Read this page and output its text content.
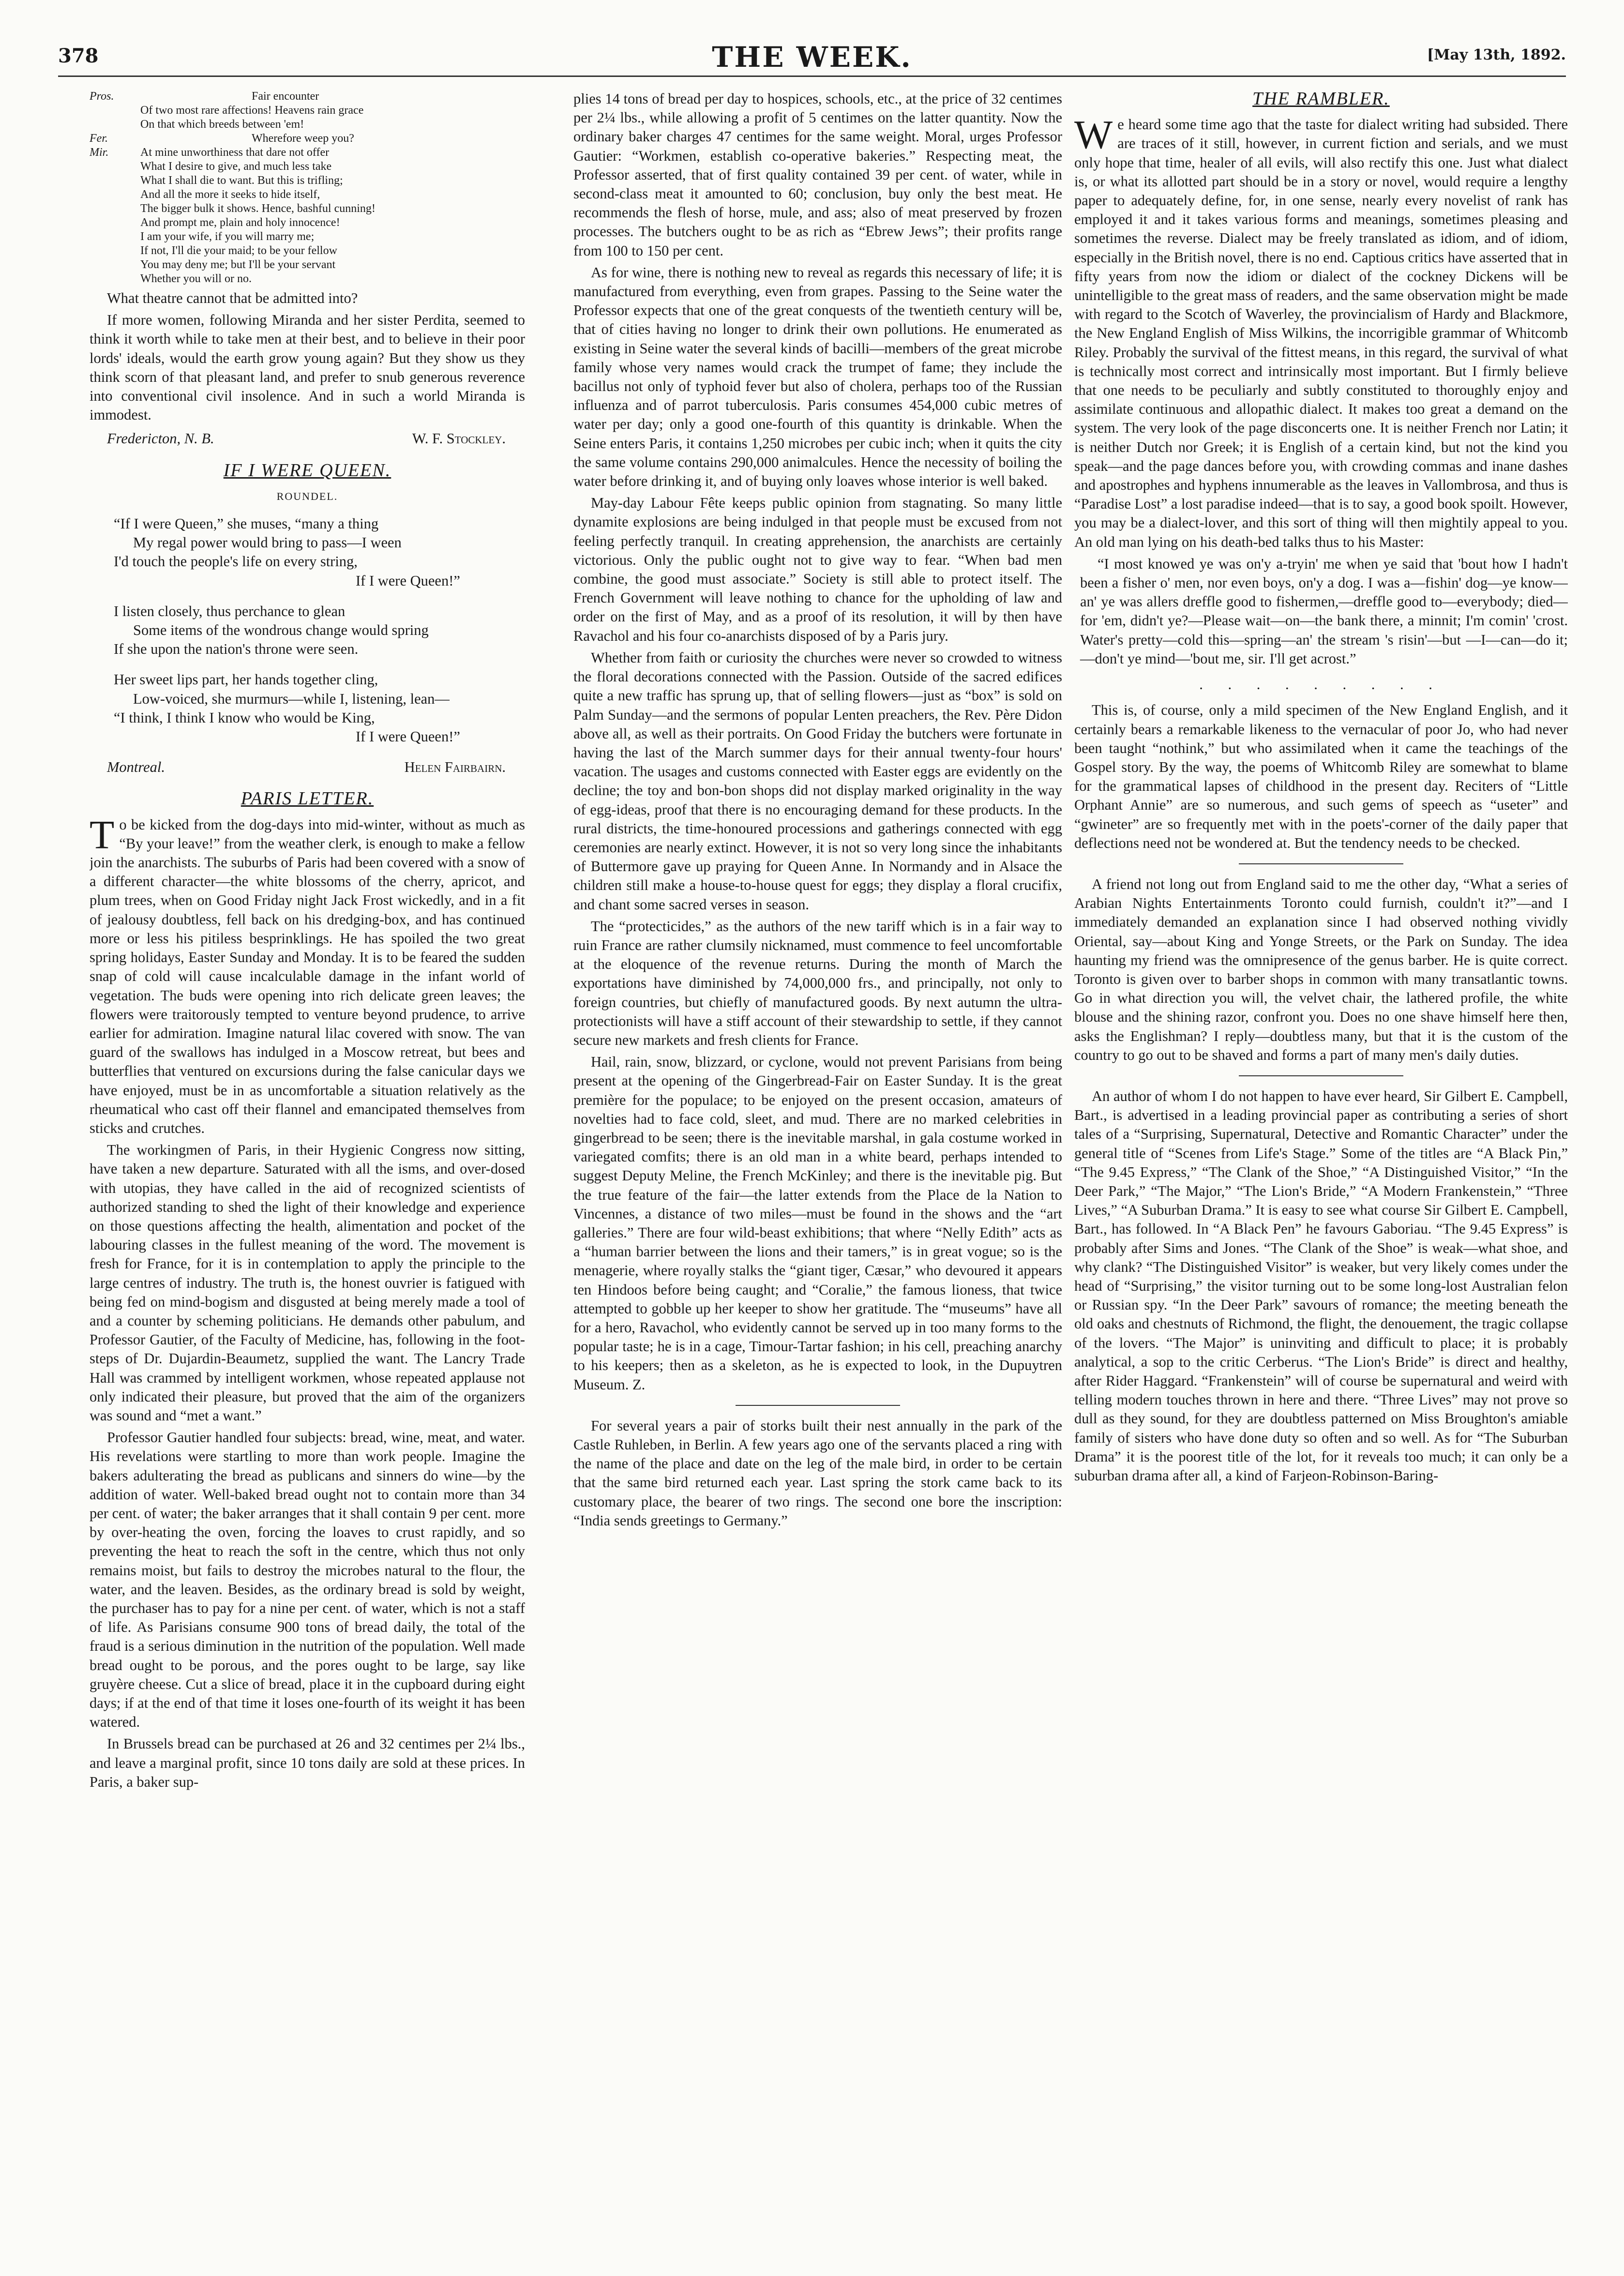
378	THE WEEK.	[May 13th, 1892.
Pros.	Fair encounter
Of two most rare affections! Heavens rain grace
On that which breeds between 'em!
Fer.	Wherefore weep you?
Mir.	At mine unworthiness that dare not offer
What I desire to give, and much less take
What I shall die to want. But this is trifling;
And all the more it seeks to hide itself,
The bigger bulk it shows. Hence, bashful cunning!
And prompt me, plain and holy innocence!
I am your wife, if you will marry me;
If not, I'll die your maid; to be your fellow
You may deny me; but I'll be your servant
Whether you will or no.

What theatre cannot that be admitted into?

If more women, following Miranda and her sister Perdita, seemed to think it worth while to take men at their best, and to believe in their poor lords' ideals, would the earth grow young again? But they show us they think scorn of that pleasant land, and prefer to snub generous reverence into conventional civil insolence. And in such a world Miranda is immodest.

Fredericton, N. B.	W. F. Stockley.
IF I WERE QUEEN.
ROUNDEL.
“If I were Queen,” she muses, “many a thing
My regal power would bring to pass—I ween
I'd touch the people's life on every string,
If I were Queen!”
I listen closely, thus perchance to glean
Some items of the wondrous change would spring
If she upon the nation's throne were seen.
Her sweet lips part, her hands together cling,
Low-voiced, she murmurs—while I, listening, lean—
“I think, I think I know who would be King,
If I were Queen!”
Montreal.	Helen Fairbairn.
PARIS LETTER.

To be kicked from the dog-days into mid-winter, without as much as “By your leave!” from the weather clerk, is enough to make a fellow join the anarchists. The suburbs of Paris had been covered with a snow of a different character—the white blossoms of the cherry, apricot, and plum trees, when on Good Friday night Jack Frost wickedly, and in a fit of jealousy doubtless, fell back on his dredging-box, and has continued more or less his pitiless besprinklings. He has spoiled the two great spring holidays, Easter Sunday and Monday. It is to be feared the sudden snap of cold will cause incalculable damage in the infant world of vegetation. The buds were opening into rich delicate green leaves; the flowers were traitorously tempted to venture beyond prudence, to arrive earlier for admiration. Imagine natural lilac covered with snow. The van guard of the swallows has indulged in a Moscow retreat, but bees and butterflies that ventured on excursions during the false canicular days we have enjoyed, must be in as uncomfortable a situation relatively as the rheumatical who cast off their flannel and emancipated themselves from sticks and crutches.

The workingmen of Paris, in their Hygienic Congress now sitting, have taken a new departure. Saturated with all the isms, and over-dosed with utopias, they have called in the aid of recognized scientists of authorized standing to shed the light of their knowledge and experience on those questions affecting the health, alimentation and pocket of the labouring classes in the fullest meaning of the word. The movement is fresh for France, for it is in contemplation to apply the principle to the large centres of industry. The truth is, the honest ouvrier is fatigued with being fed on mind-bogism and disgusted at being merely made a tool of and a counter by scheming politicians. He demands other pabulum, and Professor Gautier, of the Faculty of Medicine, has, following in the foot-steps of Dr. Dujardin-Beaumetz, supplied the want. The Lancry Trade Hall was crammed by intelligent workmen, whose repeated applause not only indicated their pleasure, but proved that the aim of the organizers was sound and “met a want.”

Professor Gautier handled four subjects: bread, wine, meat, and water. His revelations were startling to more than work people. Imagine the bakers adulterating the bread as publicans and sinners do wine—by the addition of water. Well-baked bread ought not to contain more than 34 per cent. of water; the baker arranges that it shall contain 9 per cent. more by over-heating the oven, forcing the loaves to crust rapidly, and so preventing the heat to reach the soft in the centre, which thus not only remains moist, but fails to destroy the microbes natural to the flour, the water, and the leaven. Besides, as the ordinary bread is sold by weight, the purchaser has to pay for a nine per cent. of water, which is not a staff of life. As Parisians consume 900 tons of bread daily, the total of the fraud is a serious diminution in the nutrition of the population. Well made bread ought to be porous, and the pores ought to be large, say like gruyère cheese. Cut a slice of bread, place it in the cupboard during eight days; if at the end of that time it loses one-fourth of its weight it has been watered.

In Brussels bread can be purchased at 26 and 32 centimes per 2¼ lbs., and leave a marginal profit, since 10 tons daily are sold at these prices. In Paris, a baker sup-

plies 14 tons of bread per day to hospices, schools, etc., at the price of 32 centimes per 2¼ lbs., while allowing a profit of 5 centimes on the latter quantity. Now the ordinary baker charges 47 centimes for the same weight. Moral, urges Professor Gautier: “Workmen, establish co-operative bakeries.” Respecting meat, the Professor asserted, that of first quality contained 39 per cent. of water, while in second-class meat it amounted to 60; conclusion, buy only the best meat. He recommends the flesh of horse, mule, and ass; also of meat preserved by frozen processes. The butchers ought to be as rich as “Ebrew Jews”; their profits range from 100 to 150 per cent.

As for wine, there is nothing new to reveal as regards this necessary of life; it is manufactured from everything, even from grapes. Passing to the Seine water the Professor expects that one of the great conquests of the twentieth century will be, that of cities having no longer to drink their own pollutions. He enumerated as existing in Seine water the several kinds of bacilli—members of the great microbe family whose very names would crack the trumpet of fame; they include the bacillus not only of typhoid fever but also of cholera, perhaps too of the Russian influenza and of parrot tuberculosis. Paris consumes 454,000 cubic metres of water per day; only a good one-fourth of this quantity is drinkable. When the Seine enters Paris, it contains 1,250 microbes per cubic inch; when it quits the city the same volume contains 290,000 animalcules. Hence the necessity of boiling the water before drinking it, and of buying only loaves whose interior is well baked.

May-day Labour Fête keeps public opinion from stagnating. So many little dynamite explosions are being indulged in that people must be excused from not feeling perfectly tranquil. In creating apprehension, the anarchists are certainly victorious. Only the public ought not to give way to fear. “When bad men combine, the good must associate.” Society is still able to protect itself. The French Government will leave nothing to chance for the upholding of law and order on the first of May, and as a proof of its resolution, it will by then have Ravachol and his four co-anarchists disposed of by a Paris jury.

Whether from faith or curiosity the churches were never so crowded to witness the floral decorations connected with the Passion. Outside of the sacred edifices quite a new traffic has sprung up, that of selling flowers—just as “box” is sold on Palm Sunday—and the sermons of popular Lenten preachers, the Rev. Père Didon above all, as well as their portraits. On Good Friday the butchers were fortunate in having the last of the March summer days for their annual twenty-four hours' vacation. The usages and customs connected with Easter eggs are evidently on the decline; the toy and bon-bon shops did not display marked originality in the way of egg-ideas, proof that there is no encouraging demand for these products. In the rural districts, the time-honoured processions and gatherings connected with egg ceremonies are nearly extinct. However, it is not so very long since the inhabitants of Buttermore gave up praying for Queen Anne. In Normandy and in Alsace the children still make a house-to-house quest for eggs; they display a floral crucifix, and chant some sacred verses in season.

The “protecticides,” as the authors of the new tariff which is in a fair way to ruin France are rather clumsily nicknamed, must commence to feel uncomfortable at the eloquence of the revenue returns. During the month of March the exportations have diminished by 74,000,000 frs., and principally, not only to foreign countries, but chiefly of manufactured goods. By next autumn the ultra-protectionists will have a stiff account of their stewardship to settle, if they cannot secure new markets and fresh clients for France.

Hail, rain, snow, blizzard, or cyclone, would not prevent Parisians from being present at the opening of the Gingerbread-Fair on Easter Sunday. It is the great première for the populace; to be enjoyed on the present occasion, amateurs of novelties had to face cold, sleet, and mud. There are no marked celebrities in gingerbread to be seen; there is the inevitable marshal, in gala costume worked in variegated comfits; there is an old man in a white beard, perhaps intended to suggest Deputy Meline, the French McKinley; and there is the inevitable pig. But the true feature of the fair—the latter extends from the Place de la Nation to Vincennes, a distance of two miles—must be found in the shows and the “art galleries.” There are four wild-beast exhibitions; that where “Nelly Edith” acts as a “human barrier between the lions and their tamers,” is in great vogue; so is the menagerie, where royally stalks the “giant tiger, Cæsar,” who devoured it appears ten Hindoos before being caught; and “Coralie,” the famous lioness, that twice attempted to gobble up her keeper to show her gratitude. The “museums” have all for a hero, Ravachol, who evidently cannot be served up in too many forms to the popular taste; he is in a cage, Timour-Tartar fashion; in his cell, preaching anarchy to his keepers; then as a skeleton, as he is expected to look, in the Dupuytren Museum. Z.

For several years a pair of storks built their nest annually in the park of the Castle Ruhleben, in Berlin. A few years ago one of the servants placed a ring with the name of the place and date on the leg of the male bird, in order to be certain that the same bird returned each year. Last spring the stork came back to its customary place, the bearer of two rings. The second one bore the inscription: “India sends greetings to Germany.”

THE RAMBLER.

We heard some time ago that the taste for dialect writing had subsided. There are traces of it still, however, in current fiction and serials, and we must only hope that time, healer of all evils, will also rectify this one. Just what dialect is, or what its allotted part should be in a story or novel, would require a lengthy paper to adequately define, for, in one sense, nearly every novelist of rank has employed it and it takes various forms and meanings, sometimes pleasing and sometimes the reverse. Dialect may be freely translated as idiom, and of idiom, especially in the British novel, there is no end. Captious critics have asserted that in fifty years from now the idiom or dialect of the cockney Dickens will be unintelligible to the great mass of readers, and the same observation might be made with regard to the Scotch of Waverley, the provincialism of Hardy and Blackmore, the New England English of Miss Wilkins, the incorrigible grammar of Whitcomb Riley. Probably the survival of the fittest means, in this regard, the survival of what is technically most correct and intrinsically most important. But I firmly believe that one needs to be peculiarly and subtly constituted to thoroughly enjoy and assimilate continuous and allopathic dialect. It makes too great a demand on the system. The very look of the page disconcerts one. It is neither French nor Latin; it is neither Dutch nor Greek; it is English of a certain kind, but not the kind you speak—and the page dances before you, with crowding commas and inane dashes and apostrophes and hyphens innumerable as the leaves in Vallombrosa, and thus is “Paradise Lost” a lost paradise indeed—that is to say, a good book spoilt. However, you may be a dialect-lover, and this sort of thing will then mightily appeal to you. An old man lying on his death-bed talks thus to his Master:

“I most knowed ye was on'y a-tryin' me when ye said that 'bout how I hadn't been a fisher o' men, nor even boys, on'y a dog. I was a—fishin' dog—ye know—an' ye was allers dreffle good to fishermen,—dreffle good to—everybody; died—for 'em, didn't ye?—Please wait—on—the bank there, a minnit; I'm comin' 'crost. Water's pretty—cold this—spring—an' the stream 's risin'—but —I—can—do it; —don't ye mind—'bout me, sir. I'll get acrost.”

. . . . . . . . .

This is, of course, only a mild specimen of the New England English, and it certainly bears a remarkable likeness to the vernacular of poor Jo, who had never been taught “nothink,” but who assimilated when it came the teachings of the Gospel story. By the way, the poems of Whitcomb Riley are somewhat to blame for the grammatical lapses of childhood in the present day. Reciters of “Little Orphant Annie” are so numerous, and such gems of speech as “useter” and “gwineter” are so frequently met with in the poets'-corner of the daily paper that deflections need not be wondered at. But the tendency needs to be checked.

A friend not long out from England said to me the other day, “What a series of Arabian Nights Entertainments Toronto could furnish, couldn't it?”—and I immediately demanded an explanation since I had observed nothing vividly Oriental, say—about King and Yonge Streets, or the Park on Sunday. The idea haunting my friend was the omnipresence of the genus barber. He is quite correct. Toronto is given over to barber shops in common with many transatlantic towns. Go in what direction you will, the velvet chair, the lathered profile, the white blouse and the shining razor, confront you. Does no one shave himself here then, asks the Englishman? I reply—doubtless many, but that it is the custom of the country to go out to be shaved and forms a part of many men's daily duties.

An author of whom I do not happen to have ever heard, Sir Gilbert E. Campbell, Bart., is advertised in a leading provincial paper as contributing a series of short tales of a “Surprising, Supernatural, Detective and Romantic Character” under the general title of “Scenes from Life's Stage.” Some of the titles are “A Black Pin,” “The 9.45 Express,” “The Clank of the Shoe,” “A Distinguished Visitor,” “In the Deer Park,” “The Major,” “The Lion's Bride,” “A Modern Frankenstein,” “Three Lives,” “A Suburban Drama.” It is easy to see what course Sir Gilbert E. Campbell, Bart., has followed. In “A Black Pen” he favours Gaboriau. “The 9.45 Express” is probably after Sims and Jones. “The Clank of the Shoe” is weak—what shoe, and why clank? “The Distinguished Visitor” is weaker, but very likely comes under the head of “Surprising,” the visitor turning out to be some long-lost Australian felon or Russian spy. “In the Deer Park” savours of romance; the meeting beneath the old oaks and chestnuts of Richmond, the flight, the denouement, the tragic collapse of the lovers. “The Major” is uninviting and difficult to place; it is probably analytical, a sop to the critic Cerberus. “The Lion's Bride” is direct and healthy, after Rider Haggard. “Frankenstein” will of course be supernatural and weird with telling modern touches thrown in here and there. “Three Lives” may not prove so dull as they sound, for they are doubtless patterned on Miss Broughton's amiable family of sisters who have done duty so often and so well. As for “The Suburban Drama” it is the poorest title of the lot, for it reveals too much; it can only be a suburban drama after all, a kind of Farjeon-Robinson-Baring-
